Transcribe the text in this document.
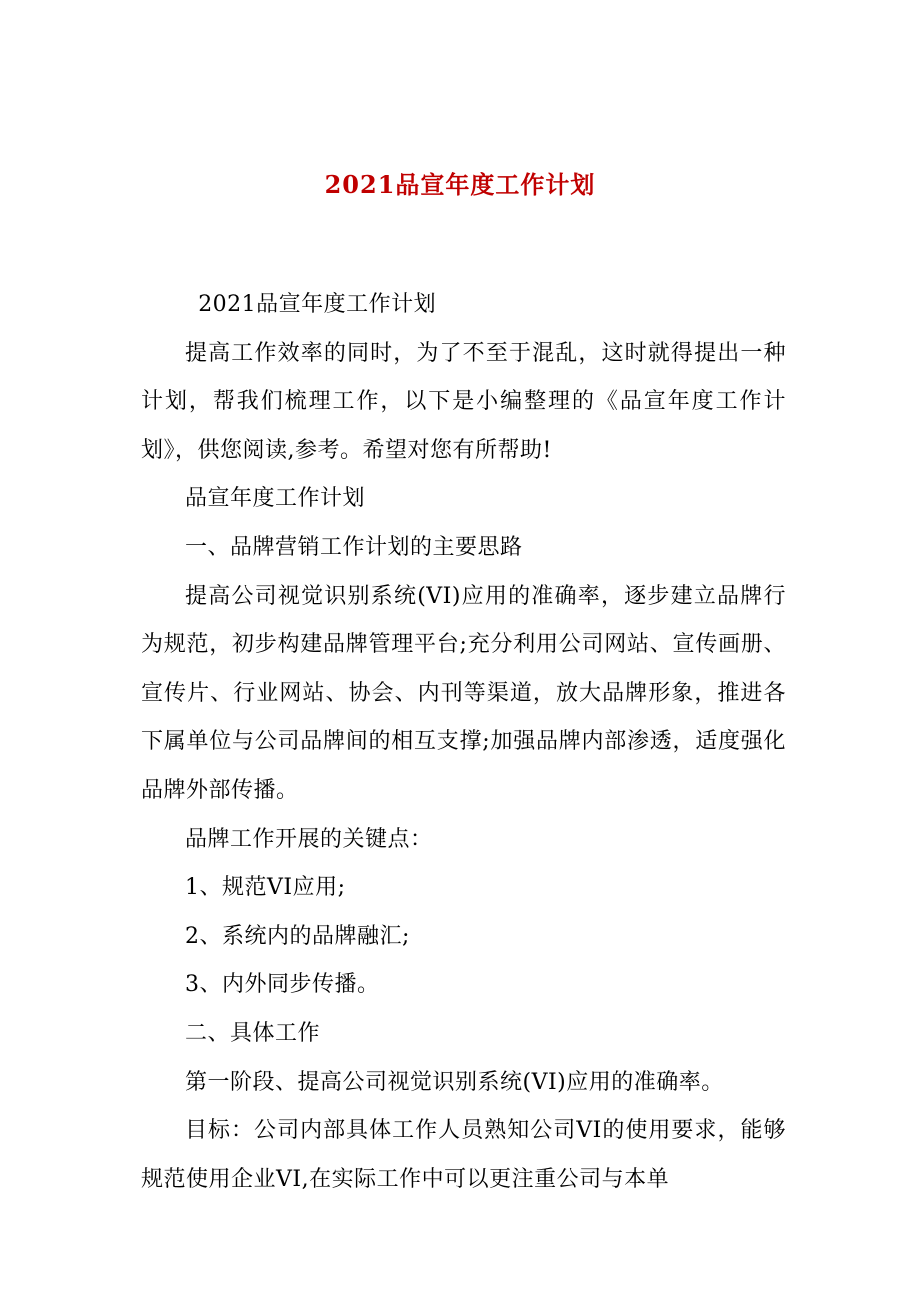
2021品宣年度工作计划

2021品宣年度工作计划

提高工作效率的同时，为了不至于混乱，这时就得提出一种计划，帮我们梳理工作，以下是小编整理的《品宣年度工作计划》，供您阅读,参考。希望对您有所帮助!

品宣年度工作计划

一、品牌营销工作计划的主要思路

提高公司视觉识别系统(VI)应用的准确率，逐步建立品牌行为规范，初步构建品牌管理平台;充分利用公司网站、宣传画册、宣传片、行业网站、协会、内刊等渠道，放大品牌形象，推进各下属单位与公司品牌间的相互支撑;加强品牌内部渗透，适度强化品牌外部传播。

品牌工作开展的关键点：

1、规范VI应用;

2、系统内的品牌融汇;

3、内外同步传播。

二、具体工作

第一阶段、提高公司视觉识别系统(VI)应用的准确率。

目标：公司内部具体工作人员熟知公司VI的使用要求，能够规范使用企业VI,在实际工作中可以更注重公司与本单
